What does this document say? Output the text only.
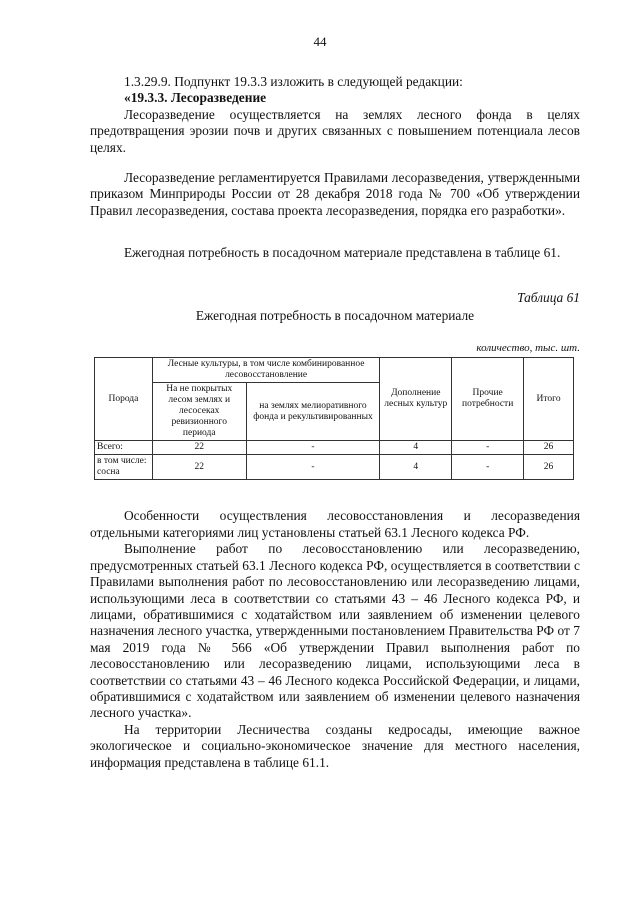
44

1.3.29.9. Подпункт 19.3.3 изложить в следующей редакции:

«19.3.3. Лесоразведение

Лесоразведение осуществляется на землях лесного фонда в целях предотвращения эрозии почв и других связанных с повышением потенциала лесов целях.

Лесоразведение регламентируется Правилами лесоразведения, утвержденными приказом Минприроды России от 28 декабря 2018 года № 700 «Об утверждении Правил лесоразведения, состава проекта лесоразведения, порядка его разработки».

Ежегодная потребность в посадочном материале представлена в таблице 61.

Таблица 61
Ежегодная потребность в посадочном материале
количество, тыс. шт.
Порода	Лесные культуры, в том числе комбинированное лесовосстановление		Дополнение лесных культур	Прочие потребности	Итого
	На не покрытых лесом землях и лесосеках ревизионного периода	на землях мелиоративного фонда и рекультивированных			
Всего:	22	-	4	-	26
в том числе: сосна	22	-	4	-	26

Особенности осуществления лесовосстановления и лесоразведения отдельными категориями лиц установлены статьей 63.1 Лесного кодекса РФ.

Выполнение работ по лесовосстановлению или лесоразведению, предусмотренных статьей 63.1 Лесного кодекса РФ, осуществляется в соответствии с Правилами выполнения работ по лесовосстановлению или лесоразведению лицами, использующими леса в соответствии со статьями 43 – 46 Лесного кодекса РФ, и лицами, обратившимися с ходатайством или заявлением об изменении целевого назначения лесного участка, утвержденными постановлением Правительства РФ от 7 мая 2019 года № 566 «Об утверждении Правил выполнения работ по лесовосстановлению или лесоразведению лицами, использующими леса в соответствии со статьями 43 – 46 Лесного кодекса Российской Федерации, и лицами, обратившимися с ходатайством или заявлением об изменении целевого назначения лесного участка».

На территории Лесничества созданы кедросады, имеющие важное экологическое и социально-экономическое значение для местного населения, информация представлена в таблице 61.1.
